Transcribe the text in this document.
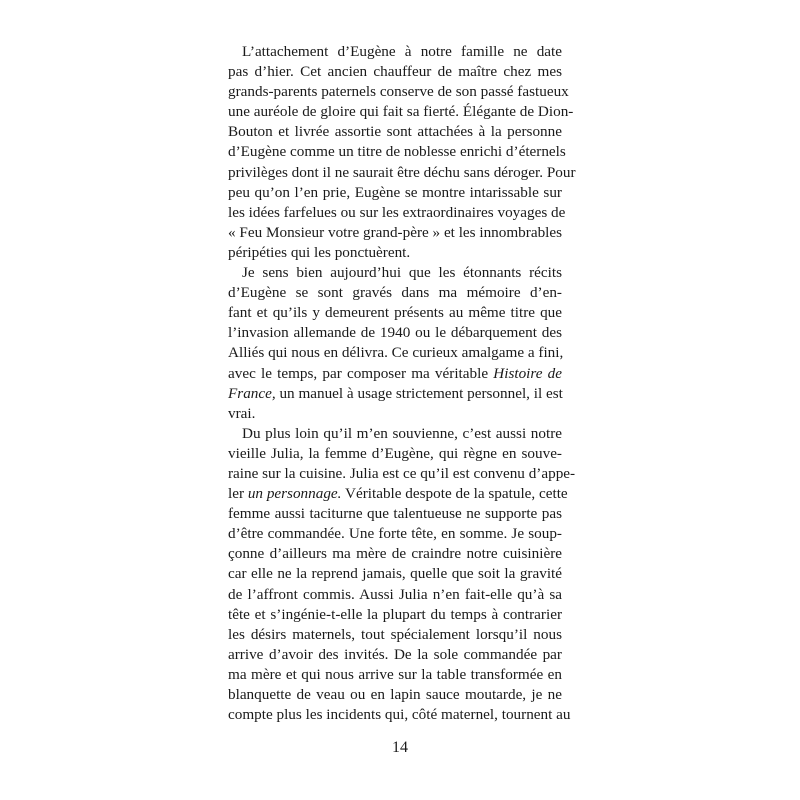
L’attachement d’Eugène à notre famille ne date
pas d’hier. Cet ancien chauffeur de maître chez mes
grands-parents paternels conserve de son passé fastueux
une auréole de gloire qui fait sa fierté. Élégante de Dion-
Bouton et livrée assortie sont attachées à la personne
d’Eugène comme un titre de noblesse enrichi d’éternels
privilèges dont il ne saurait être déchu sans déroger. Pour
peu qu’on l’en prie, Eugène se montre intarissable sur
les idées farfelues ou sur les extraordinaires voyages de
« Feu Monsieur votre grand-père » et les innombrables
péripéties qui les ponctuèrent.
Je sens bien aujourd’hui que les étonnants récits
d’Eugène se sont gravés dans ma mémoire d’en-
fant et qu’ils y demeurent présents au même titre que
l’invasion allemande de 1940 ou le débarquement des
Alliés qui nous en délivra. Ce curieux amalgame a fini,
avec le temps, par composer ma véritable Histoire de
France, un manuel à usage strictement personnel, il est
vrai.
Du plus loin qu’il m’en souvienne, c’est aussi notre
vieille Julia, la femme d’Eugène, qui règne en souve-
raine sur la cuisine. Julia est ce qu’il est convenu d’appe-
ler un personnage. Véritable despote de la spatule, cette
femme aussi taciturne que talentueuse ne supporte pas
d’être commandée. Une forte tête, en somme. Je soup-
çonne d’ailleurs ma mère de craindre notre cuisinière
car elle ne la reprend jamais, quelle que soit la gravité
de l’affront commis. Aussi Julia n’en fait-elle qu’à sa
tête et s’ingénie-t-elle la plupart du temps à contrarier
les désirs maternels, tout spécialement lorsqu’il nous
arrive d’avoir des invités. De la sole commandée par
ma mère et qui nous arrive sur la table transformée en
blanquette de veau ou en lapin sauce moutarde, je ne
compte plus les incidents qui, côté maternel, tournent au
14
